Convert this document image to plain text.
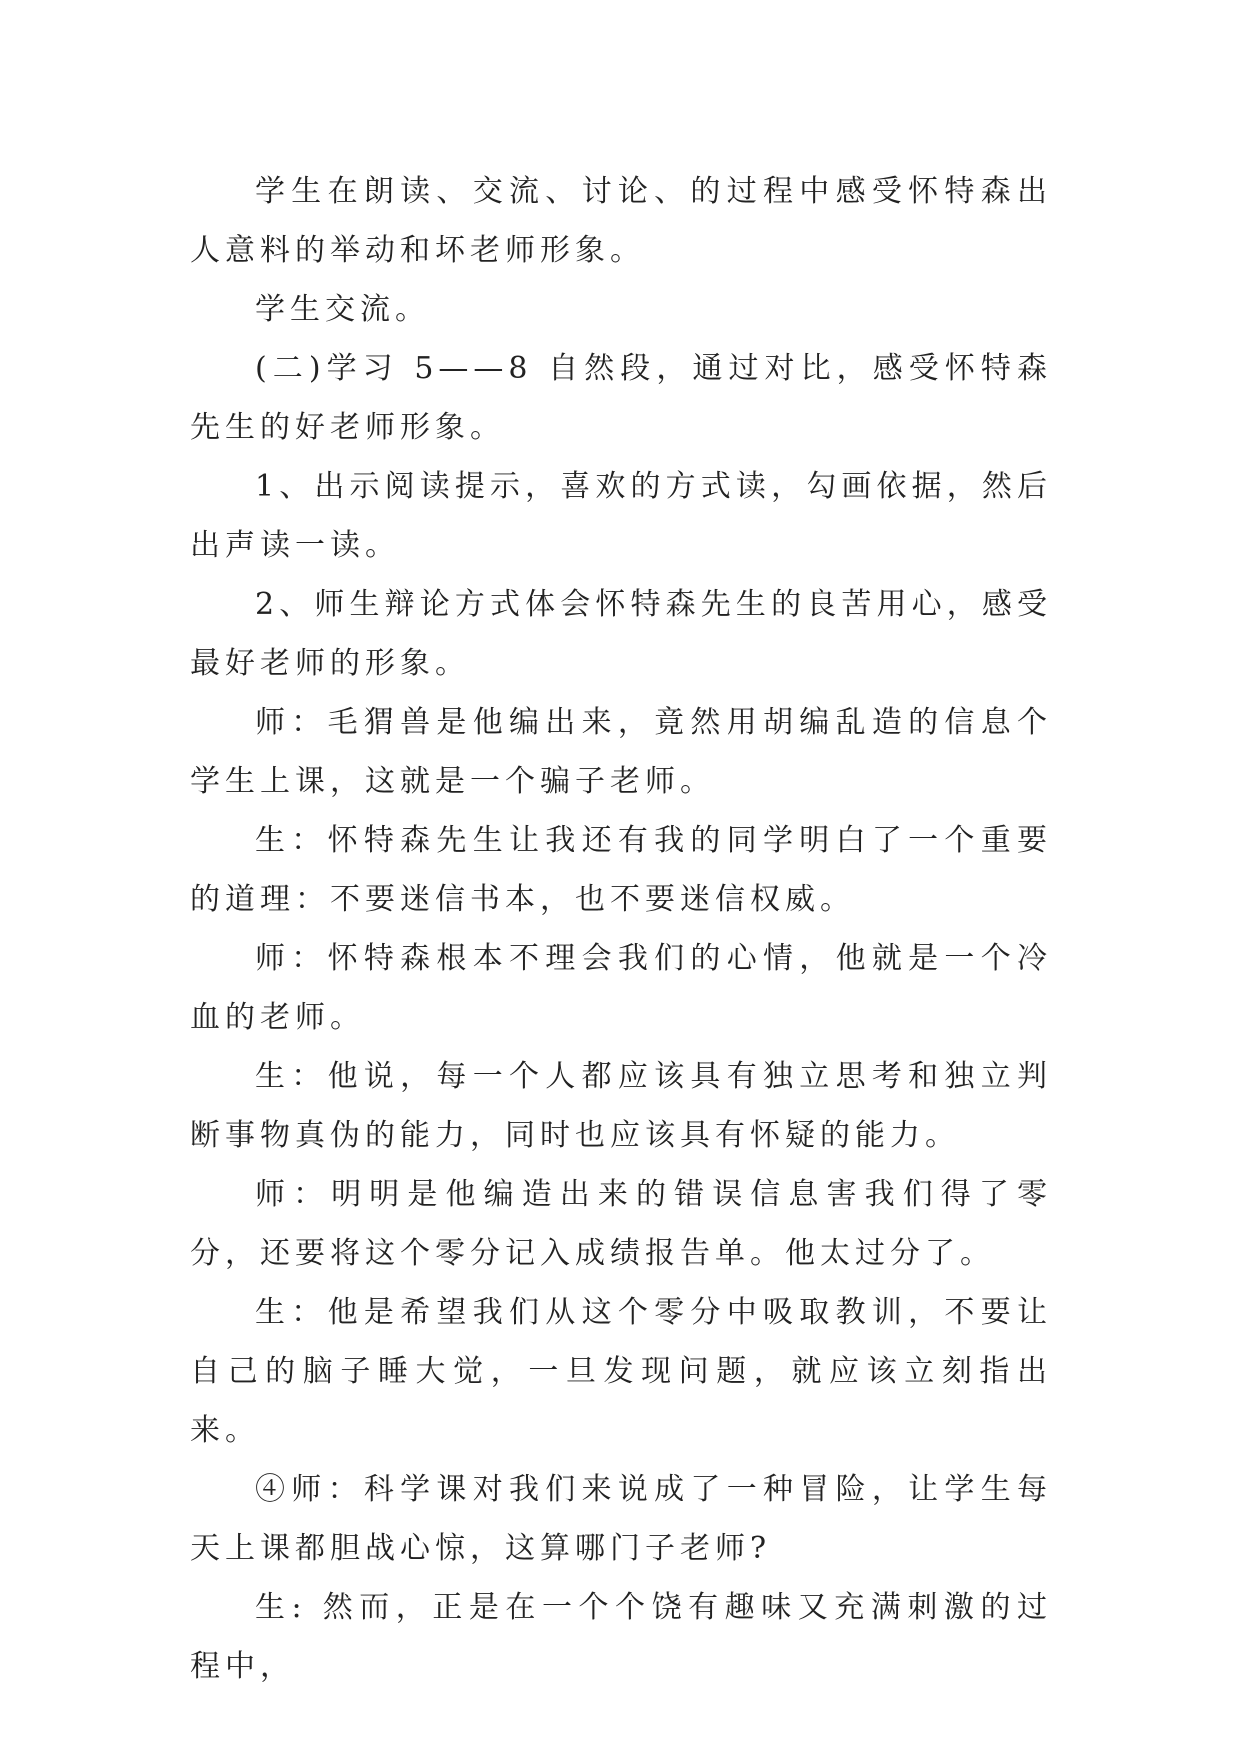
学生在朗读、交流、讨论、的过程中感受怀特森出人意料的举动和坏老师形象。

学生交流。

(二)学习 5——8 自然段，通过对比，感受怀特森先生的好老师形象。

1、出示阅读提示，喜欢的方式读，勾画依据，然后出声读一读。

2、师生辩论方式体会怀特森先生的良苦用心，感受最好老师的形象。

师：毛猬兽是他编出来，竟然用胡编乱造的信息个学生上课，这就是一个骗子老师。

生：怀特森先生让我还有我的同学明白了一个重要的道理：不要迷信书本，也不要迷信权威。

师：怀特森根本不理会我们的心情，他就是一个冷血的老师。

生：他说，每一个人都应该具有独立思考和独立判断事物真伪的能力，同时也应该具有怀疑的能力。

师：明明是他编造出来的错误信息害我们得了零分，还要将这个零分记入成绩报告单。他太过分了。

生：他是希望我们从这个零分中吸取教训，不要让自己的脑子睡大觉，一旦发现问题，就应该立刻指出来。

④师：科学课对我们来说成了一种冒险，让学生每天上课都胆战心惊，这算哪门子老师?

生: 然而，正是在一个个饶有趣味又充满刺激的过程中，
